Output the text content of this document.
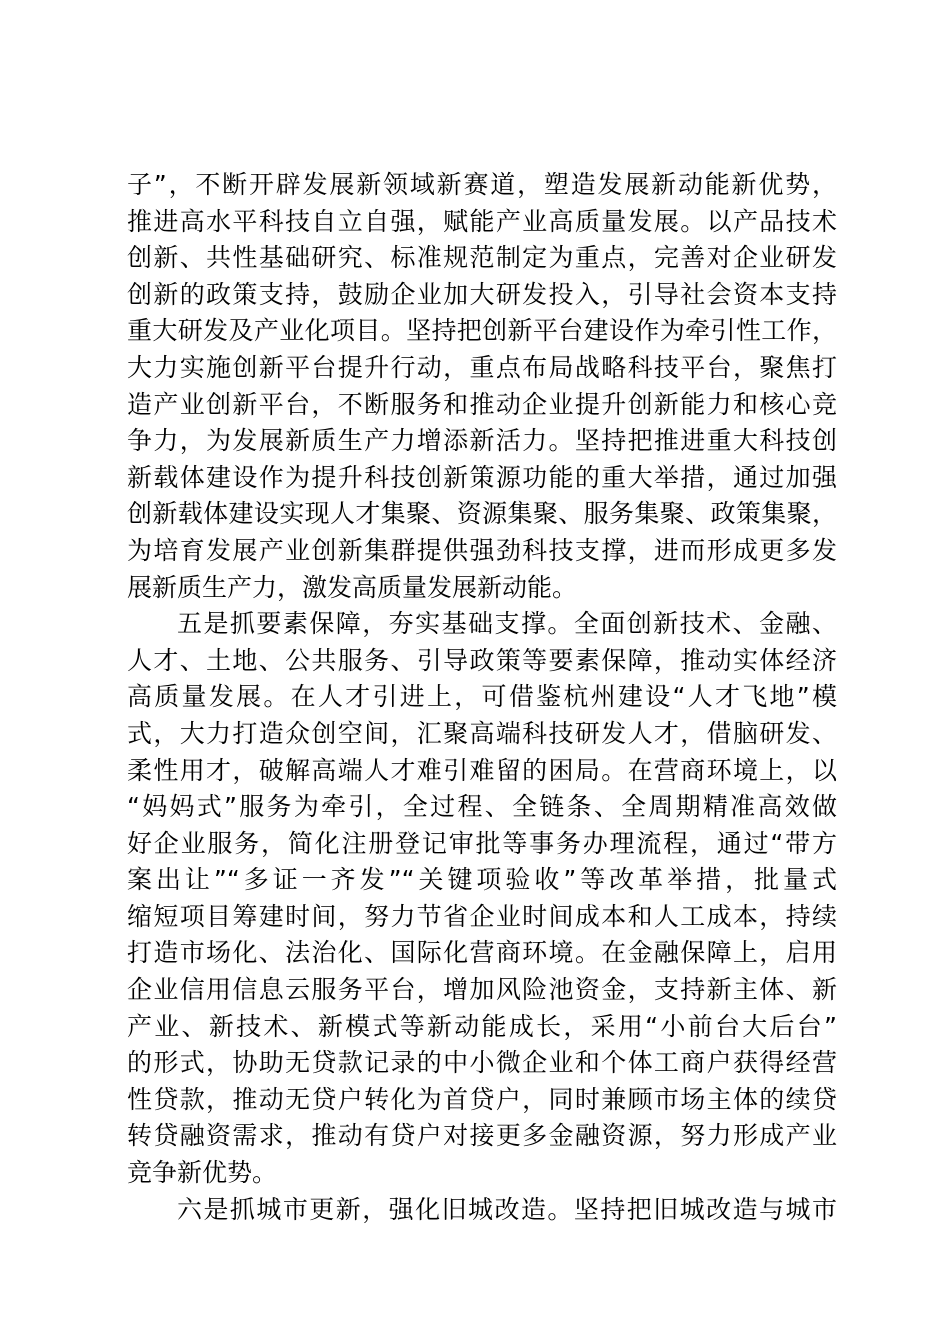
子”，不断开辟发展新领域新赛道，塑造发展新动能新优势，
推进高水平科技自立自强，赋能产业高质量发展。以产品技术
创新、共性基础研究、标准规范制定为重点，完善对企业研发
创新的政策支持，鼓励企业加大研发投入，引导社会资本支持
重大研发及产业化项目。坚持把创新平台建设作为牵引性工作，
大力实施创新平台提升行动，重点布局战略科技平台，聚焦打
造产业创新平台，不断服务和推动企业提升创新能力和核心竞
争力，为发展新质生产力增添新活力。坚持把推进重大科技创
新载体建设作为提升科技创新策源功能的重大举措，通过加强
创新载体建设实现人才集聚、资源集聚、服务集聚、政策集聚，
为培育发展产业创新集群提供强劲科技支撑，进而形成更多发
展新质生产力，激发高质量发展新动能。
五是抓要素保障，夯实基础支撑。全面创新技术、金融、
人才、土地、公共服务、引导政策等要素保障，推动实体经济
高质量发展。在人才引进上，可借鉴杭州建设“人才飞地”模
式，大力打造众创空间，汇聚高端科技研发人才，借脑研发、
柔性用才，破解高端人才难引难留的困局。在营商环境上，以
“妈妈式”服务为牵引，全过程、全链条、全周期精准高效做
好企业服务，简化注册登记审批等事务办理流程，通过“带方
案出让”“多证一齐发”“关键项验收”等改革举措，批量式
缩短项目筹建时间，努力节省企业时间成本和人工成本，持续
打造市场化、法治化、国际化营商环境。在金融保障上，启用
企业信用信息云服务平台，增加风险池资金，支持新主体、新
产业、新技术、新模式等新动能成长，采用“小前台大后台”
的形式，协助无贷款记录的中小微企业和个体工商户获得经营
性贷款，推动无贷户转化为首贷户，同时兼顾市场主体的续贷
转贷融资需求，推动有贷户对接更多金融资源，努力形成产业
竞争新优势。
六是抓城市更新，强化旧城改造。坚持把旧城改造与城市
